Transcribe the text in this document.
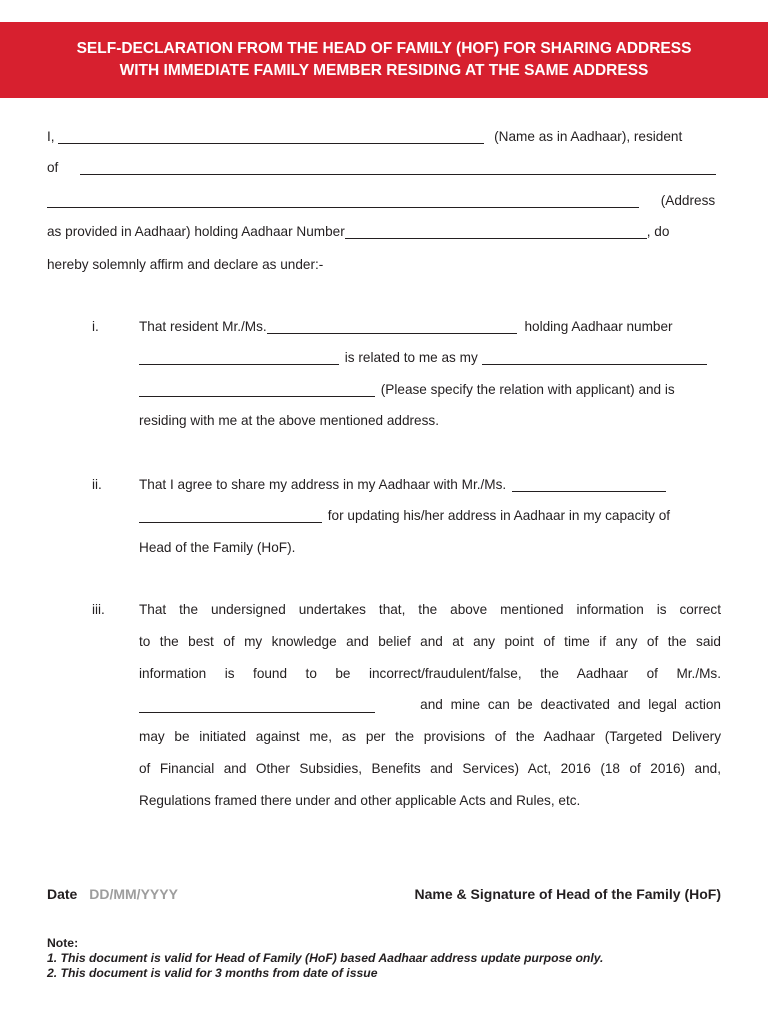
SELF-DECLARATION FROM THE HEAD OF FAMILY (HOF) FOR SHARING ADDRESS
WITH IMMEDIATE FAMILY MEMBER RESIDING AT THE SAME ADDRESS
I,	(Name as in Aadhaar), resident
of
(Address
as provided in Aadhaar) holding Aadhaar Number	, do
hereby solemnly affirm and declare as under:-
i.	That resident Mr./Ms.	holding Aadhaar number
is related to me as my
(Please specify the relation with applicant) and is
residing with me at the above mentioned address.
ii.	That I agree to share my address in my Aadhaar with Mr./Ms.
for updating his/her address in Aadhaar in my capacity of
Head of the Family (HoF).
iii.	That the undersigned undertakes that, the above mentioned information is correct
to the best of my knowledge and belief and at any point of time if any of the said
information is found to be incorrect/fraudulent/false, the Aadhaar of Mr./Ms.
and mine can be deactivated and legal action
may be initiated against me, as per the provisions of the Aadhaar (Targeted Delivery
of Financial and Other Subsidies, Benefits and Services) Act, 2016 (18 of 2016) and,
Regulations framed there under and other applicable Acts and Rules, etc.
Date DD/MM/YYYY	Name & Signature of Head of the Family (HoF)
Note:
1. This document is valid for Head of Family (HoF) based Aadhaar address update purpose only.
2. This document is valid for 3 months from date of issue
